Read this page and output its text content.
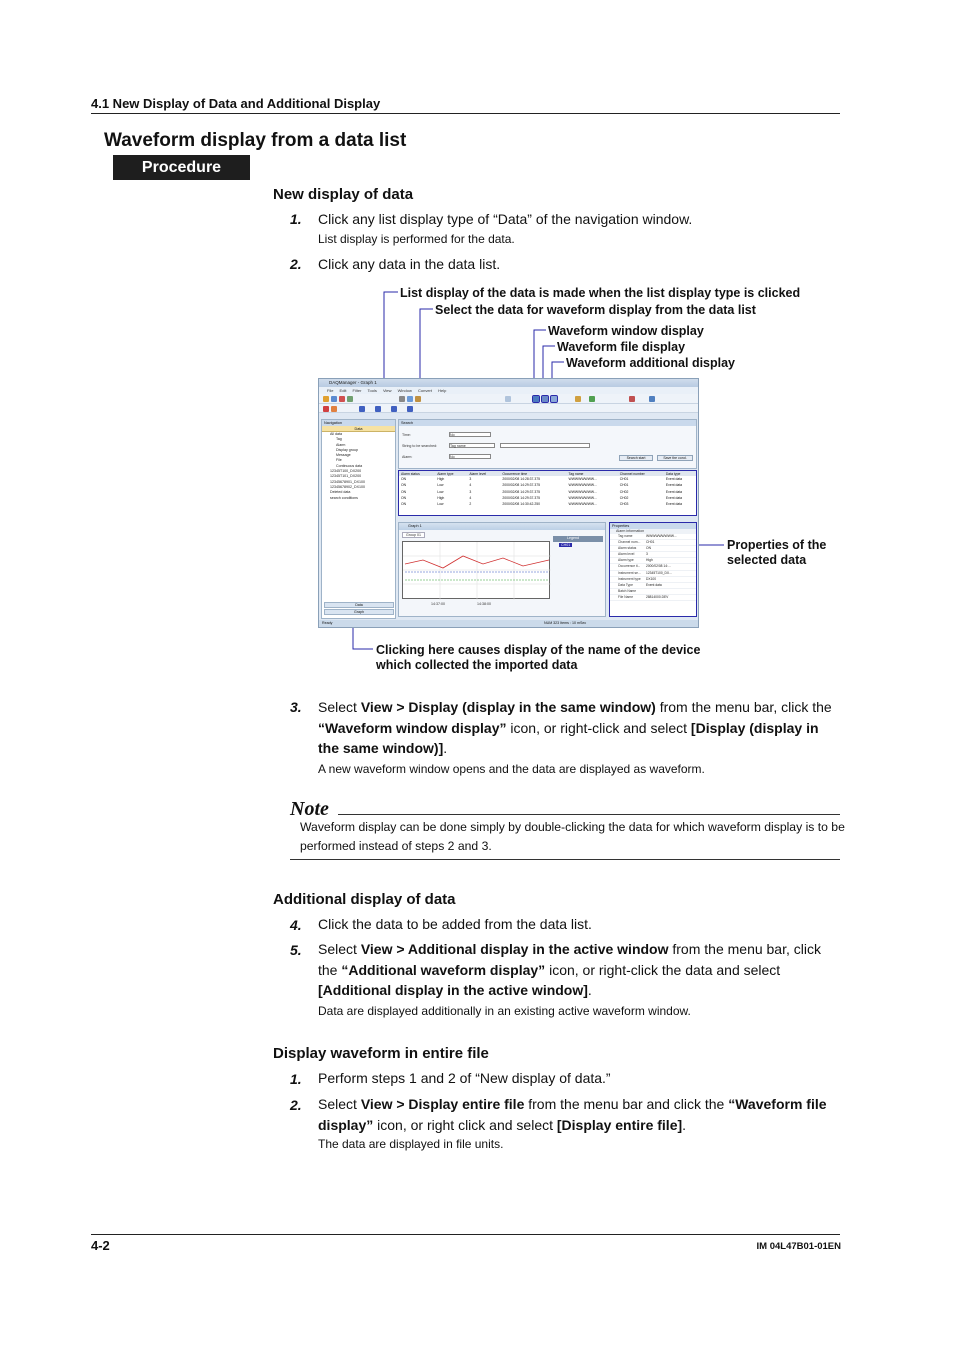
4.1 New Display of Data and Additional Display
Waveform display from a data list
Procedure
New display of data
1. Click any list display type of “Data” of the navigation window.
List display is performed for the data.
2. Click any data in the data list.
List display of the data is made when the list display type is clicked
Select the data for waveform display from the data list
Waveform window display
Waveform file display
Waveform additional display
Properties of the
selected data
Clicking here causes display of the name of the device
which collected the imported data
DAQManager - Graph 1
File Edit Filter Tools View Window Convert Help
Navigation
Data
All data
Tag
Alarm
Display group
Message
File
Continuous data
12345T100_DX200
12345T101_DX200
12345678901_DX100
12345678902_DX100
Deleted data
search conditions
Data
Graph
Search
Time:
String to be searched:
Alarm:
No
Tag name
No	Search start	Save the cond.
Alarm status	Alarm type	Alarm level	Occurrence time	Tag name	Channel number	Data type
ON	High	3	2000/02/08 14:28:37.375	WWWWWWWW...	CH01	Event data
ON	Low	4	2000/02/08 14:29:37.375	WWWWWWWW...	CH01	Event data
ON	Low	3	2000/02/08 14:29:37.375	WWWWWWWW...	CH02	Event data
ON	High	4	2000/02/08 14:29:37.375	WWWWWWWW...	CH02	Event data
ON	Low	2	2000/02/08 14:30:42.250	WWWWWWWW...	CH03	Event data
Graph 1
Group 01
14:37:00	14:38:00
Legend
CH01
Properties
Alarm information
Tag name	WWWWWWWWW...
Channel num...	CH01
Alarm status	ON
Alarm level	3
Alarm type	High
Occurrence ti...	2000/02/08 14:...
Instrument se...	12345T100_DX...
Instrument type	DX100
Data Type	Event data
Batch Name
File Name	28814000.DEV
Ready	NUM 323 Items : 10 mSec
3. Select View > Display (display in the same window) from the menu bar, click the “Waveform window display” icon, or right-click and select [Display (display in the same window)].
A new waveform window opens and the data are displayed as waveform.
Note
Waveform display can be done simply by double-clicking the data for which waveform display is to be performed instead of steps 2 and 3.
Additional display of data
4. Click the data to be added from the data list.
5. Select View > Additional display in the active window from the menu bar, click the “Additional waveform display” icon, or right-click the data and select [Additional display in the active window].
Data are displayed additionally in an existing active waveform window.
Display waveform in entire file
1. Perform steps 1 and 2 of “New display of data.”
2. Select View > Display entire file from the menu bar and click the “Waveform file display” icon, or right click and select [Display entire file].
The data are displayed in file units.
4-2	IM 04L47B01-01EN
